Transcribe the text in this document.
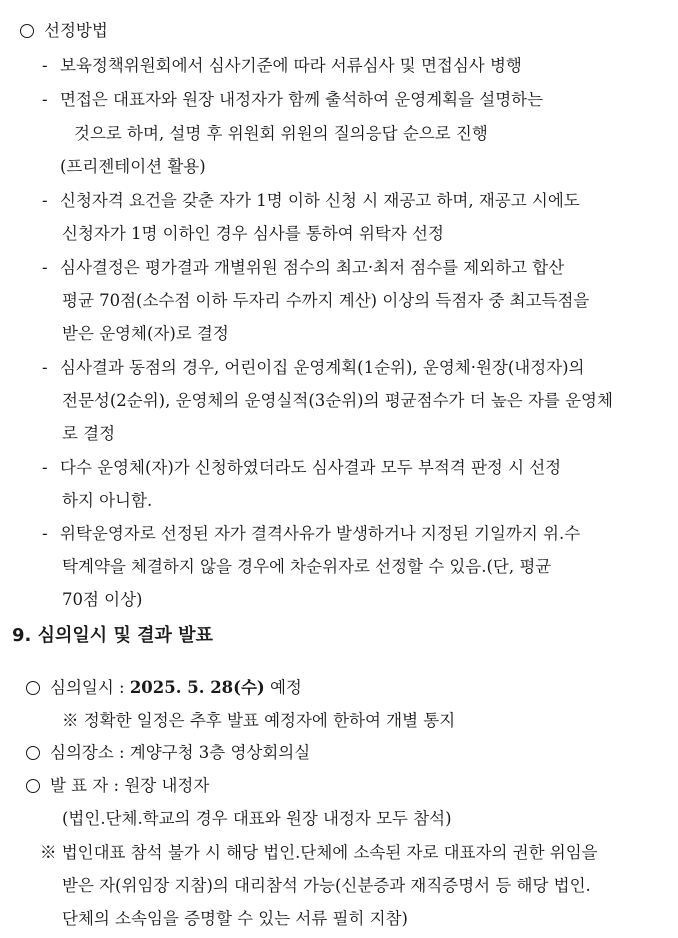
선정방법
- 보육정책위원회에서 심사기준에 따라 서류심사 및 면접심사 병행
- 면접은 대표자와 원장 내정자가 함께 출석하여 운영계획을 설명하는
것으로 하며, 설명 후 위원회 위원의 질의응답 순으로 진행
(프리젠테이션 활용)
- 신청자격 요건을 갖춘 자가 1명 이하 신청 시 재공고 하며, 재공고 시에도
신청자가 1명 이하인 경우 심사를 통하여 위탁자 선정
- 심사결정은 평가결과 개별위원 점수의 최고·최저 점수를 제외하고 합산
평균 70점(소수점 이하 두자리 수까지 계산) 이상의 득점자 중 최고득점을
받은 운영체(자)로 결정
- 심사결과 동점의 경우, 어린이집 운영계획(1순위), 운영체·원장(내정자)의
전문성(2순위), 운영체의 운영실적(3순위)의 평균점수가 더 높은 자를 운영체
로 결정
- 다수 운영체(자)가 신청하였더라도 심사결과 모두 부적격 판정 시 선정
하지 아니함.
- 위탁운영자로 선정된 자가 결격사유가 발생하거나 지정된 기일까지 위.수
탁계약을 체결하지 않을 경우에 차순위자로 선정할 수 있음.(단, 평균
70점 이상)
9. 심의일시 및 결과 발표
심의일시 : 2025. 5. 28(수) 예정
※ 정확한 일정은 추후 발표 예정자에 한하여 개별 통지
심의장소 : 계양구청 3층 영상회의실
발 표 자 : 원장 내정자
(법인.단체.학교의 경우 대표와 원장 내정자 모두 참석)
※ 법인대표 참석 불가 시 해당 법인.단체에 소속된 자로 대표자의 권한 위임을
받은 자(위임장 지참)의 대리참석 가능(신분증과 재직증명서 등 해당 법인.
단체의 소속임을 증명할 수 있는 서류 필히 지참)
